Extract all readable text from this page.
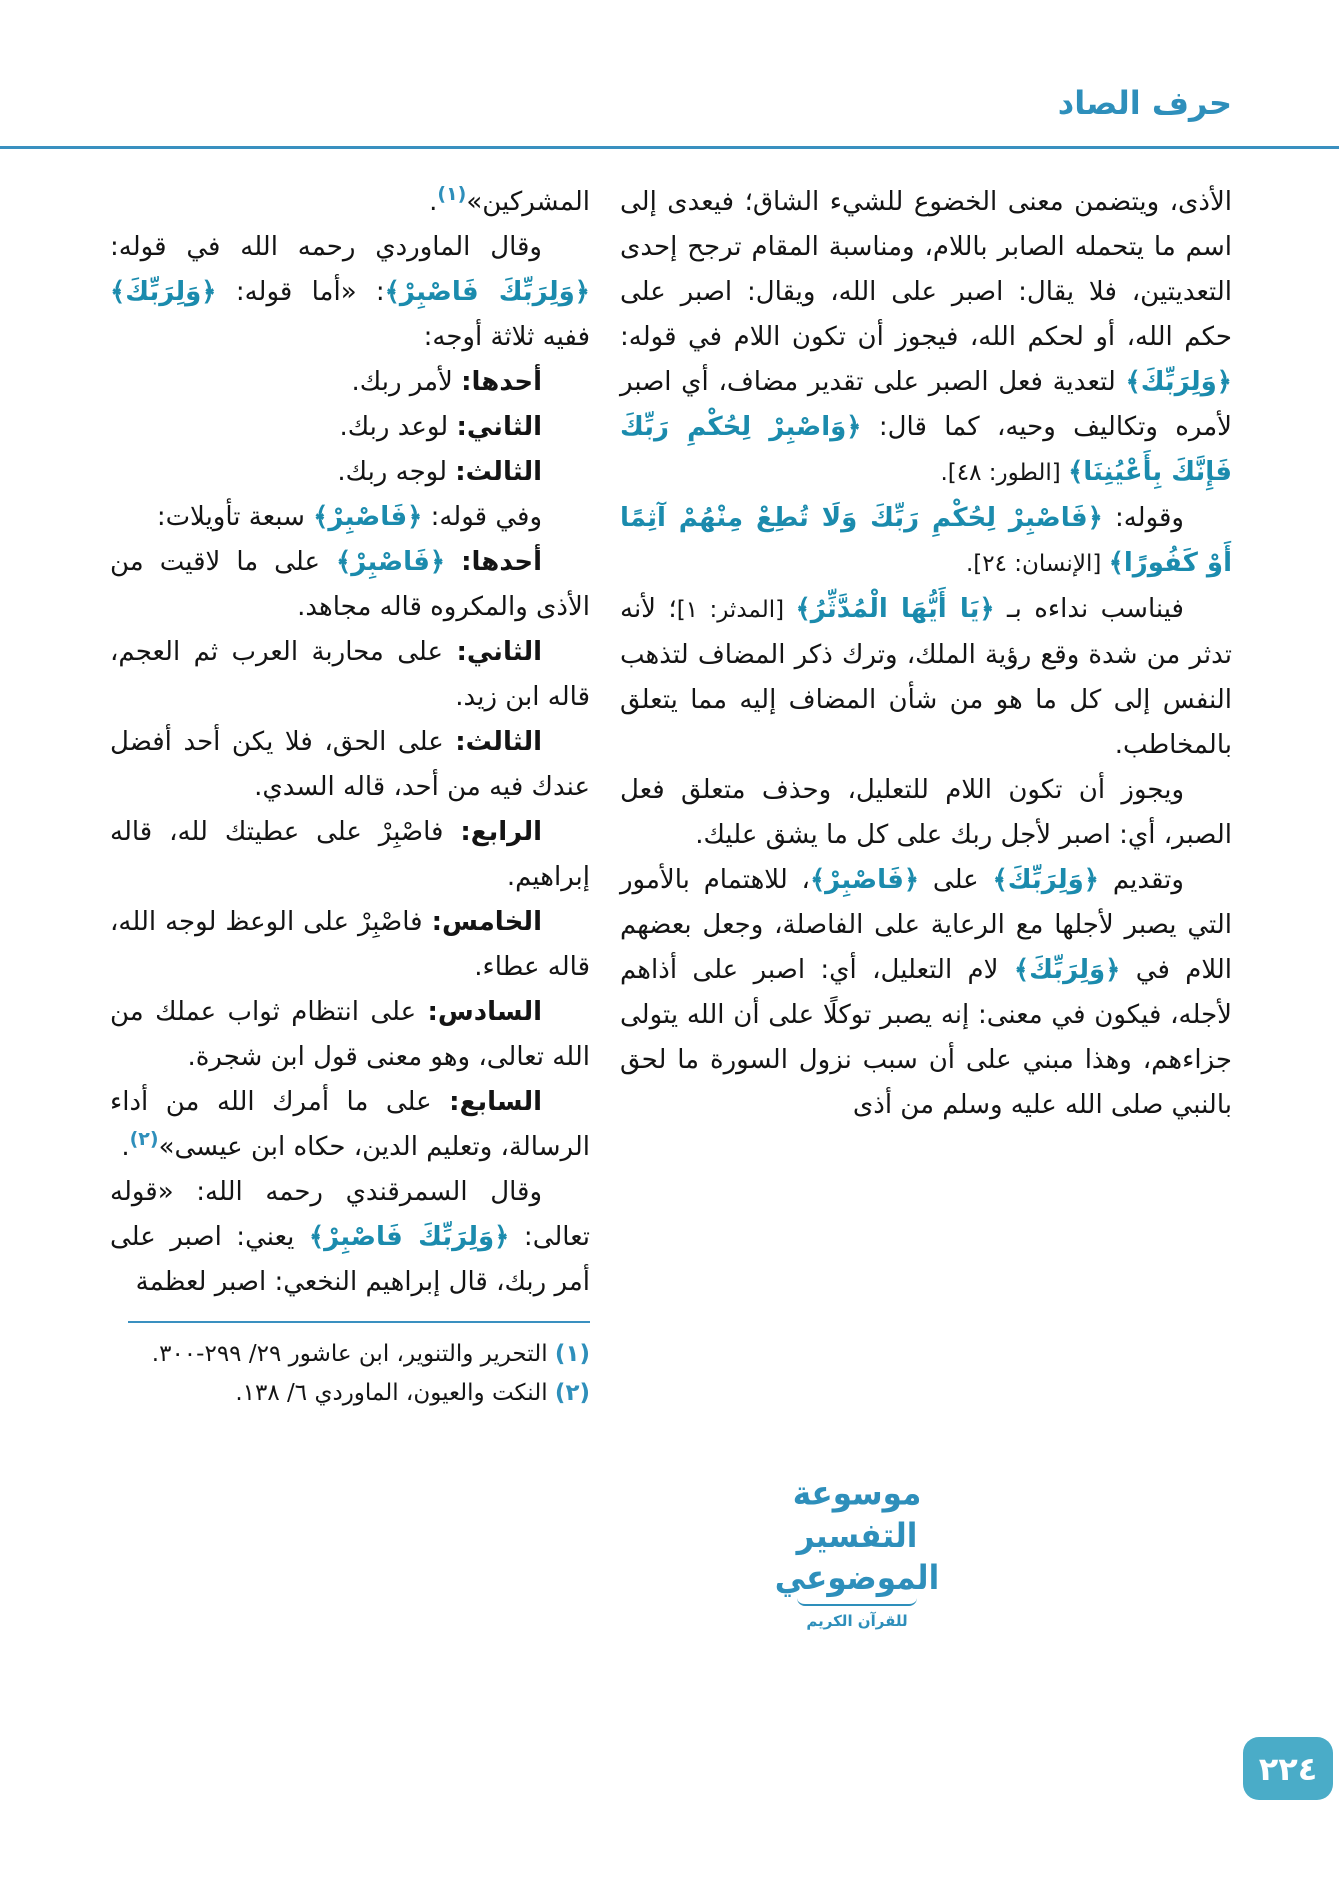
حرف الصاد

الأذى، ويتضمن معنى الخضوع للشيء الشاق؛ فيعدى إلى اسم ما يتحمله الصابر باللام، ومناسبة المقام ترجح إحدى التعديتين، فلا يقال: اصبر على الله، ويقال: اصبر على حكم الله، أو لحكم الله، فيجوز أن تكون اللام في قوله: ﴿وَلِرَبِّكَ﴾ لتعدية فعل الصبر على تقدير مضاف، أي اصبر لأمره وتكاليف وحيه، كما قال: ﴿وَاصْبِرْ لِحُكْمِ رَبِّكَ فَإِنَّكَ بِأَعْيُنِنَا﴾ [الطور: ٤٨].

وقوله: ﴿فَاصْبِرْ لِحُكْمِ رَبِّكَ وَلَا تُطِعْ مِنْهُمْ آثِمًا أَوْ كَفُورًا﴾ [الإنسان: ٢٤].

فيناسب نداءه بـ ﴿يَا أَيُّهَا الْمُدَّثِّرُ﴾ [المدثر: ١]؛ لأنه تدثر من شدة وقع رؤية الملك، وترك ذكر المضاف لتذهب النفس إلى كل ما هو من شأن المضاف إليه مما يتعلق بالمخاطب.

ويجوز أن تكون اللام للتعليل، وحذف متعلق فعل الصبر، أي: اصبر لأجل ربك على كل ما يشق عليك.

وتقديم ﴿وَلِرَبِّكَ﴾ على ﴿فَاصْبِرْ﴾، للاهتمام بالأمور التي يصبر لأجلها مع الرعاية على الفاصلة، وجعل بعضهم اللام في ﴿وَلِرَبِّكَ﴾ لام التعليل، أي: اصبر على أذاهم لأجله، فيكون في معنى: إنه يصبر توكلًا على أن الله يتولى جزاءهم، وهذا مبني على أن سبب نزول السورة ما لحق بالنبي صلى الله عليه وسلم من أذى

المشركين»$^{(١)}$.

وقال الماوردي رحمه الله في قوله: ﴿وَلِرَبِّكَ فَاصْبِرْ﴾: «أما قوله: ﴿وَلِرَبِّكَ﴾ ففيه ثلاثة أوجه:

أحدها: لأمر ربك.

الثاني: لوعد ربك.

الثالث: لوجه ربك.

وفي قوله: ﴿فَاصْبِرْ﴾ سبعة تأويلات:

أحدها: ﴿فَاصْبِرْ﴾ على ما لاقيت من الأذى والمكروه قاله مجاهد.

الثاني: على محاربة العرب ثم العجم، قاله ابن زيد.

الثالث: على الحق، فلا يكن أحد أفضل عندك فيه من أحد، قاله السدي.

الرابع: فاصْبِرْ على عطيتك لله، قاله إبراهيم.

الخامس: فاصْبِرْ على الوعظ لوجه الله، قاله عطاء.

السادس: على انتظام ثواب عملك من الله تعالى، وهو معنى قول ابن شجرة.

السابع: على ما أمرك الله من أداء الرسالة، وتعليم الدين، حكاه ابن عيسى»$^{(٢)}$.

وقال السمرقندي رحمه الله: «قوله تعالى: ﴿وَلِرَبِّكَ فَاصْبِرْ﴾ يعني: اصبر على أمر ربك، قال إبراهيم النخعي: اصبر لعظمة

(١) التحرير والتنوير، ابن عاشور ٢٩/ ٢٩٩-٣٠٠.

(٢) النكت والعيون، الماوردي ٦/ ١٣٨.

موسوعة التفسير الموضوعي
للقرآن الكريم
٢٢٤
